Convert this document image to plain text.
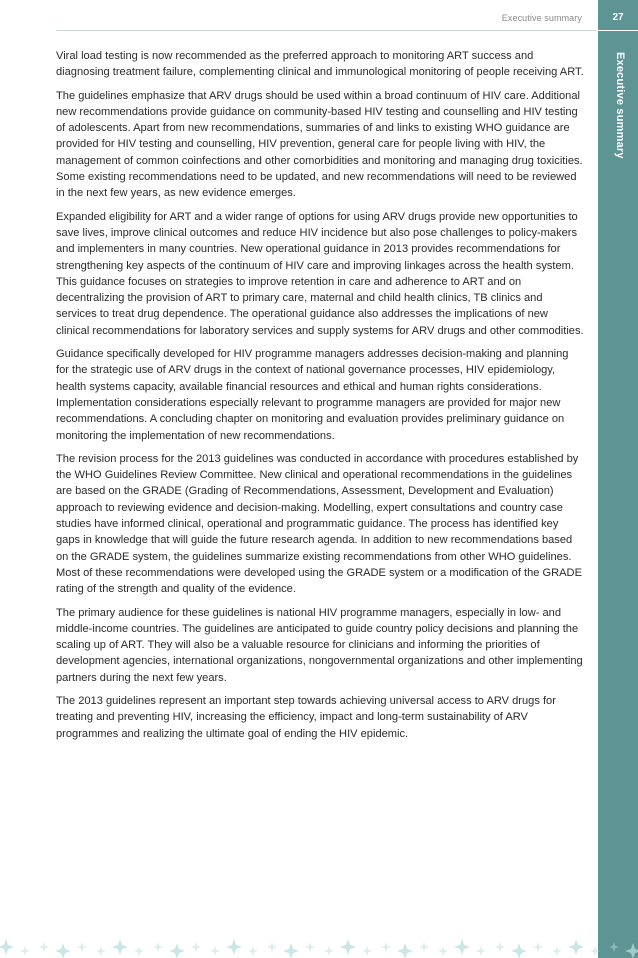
Executive summary	27
Executive summary

Viral load testing is now recommended as the preferred approach to monitoring ART success and diagnosing treatment failure, complementing clinical and immunological monitoring of people receiving ART.

The guidelines emphasize that ARV drugs should be used within a broad continuum of HIV care. Additional new recommendations provide guidance on community-based HIV testing and counselling and HIV testing of adolescents. Apart from new recommendations, summaries of and links to existing WHO guidance are provided for HIV testing and counselling, HIV prevention, general care for people living with HIV, the management of common coinfections and other comorbidities and monitoring and managing drug toxicities. Some existing recommendations need to be updated, and new recommendations will need to be reviewed in the next few years, as new evidence emerges.

Expanded eligibility for ART and a wider range of options for using ARV drugs provide new opportunities to save lives, improve clinical outcomes and reduce HIV incidence but also pose challenges to policy-makers and implementers in many countries. New operational guidance in 2013 provides recommendations for strengthening key aspects of the continuum of HIV care and improving linkages across the health system. This guidance focuses on strategies to improve retention in care and adherence to ART and on decentralizing the provision of ART to primary care, maternal and child health clinics, TB clinics and services to treat drug dependence. The operational guidance also addresses the implications of new clinical recommendations for laboratory services and supply systems for ARV drugs and other commodities.

Guidance specifically developed for HIV programme managers addresses decision-making and planning for the strategic use of ARV drugs in the context of national governance processes, HIV epidemiology, health systems capacity, available financial resources and ethical and human rights considerations. Implementation considerations especially relevant to programme managers are provided for major new recommendations. A concluding chapter on monitoring and evaluation provides preliminary guidance on monitoring the implementation of new recommendations.

The revision process for the 2013 guidelines was conducted in accordance with procedures established by the WHO Guidelines Review Committee. New clinical and operational recommendations in the guidelines are based on the GRADE (Grading of Recommendations, Assessment, Development and Evaluation) approach to reviewing evidence and decision-making. Modelling, expert consultations and country case studies have informed clinical, operational and programmatic guidance. The process has identified key gaps in knowledge that will guide the future research agenda. In addition to new recommendations based on the GRADE system, the guidelines summarize existing recommendations from other WHO guidelines. Most of these recommendations were developed using the GRADE system or a modification of the GRADE rating of the strength and quality of the evidence.

The primary audience for these guidelines is national HIV programme managers, especially in low- and middle-income countries. The guidelines are anticipated to guide country policy decisions and planning the scaling up of ART. They will also be a valuable resource for clinicians and informing the priorities of development agencies, international organizations, nongovernmental organizations and other implementing partners during the next few years.

The 2013 guidelines represent an important step towards achieving universal access to ARV drugs for treating and preventing HIV, increasing the efficiency, impact and long-term sustainability of ARV programmes and realizing the ultimate goal of ending the HIV epidemic.
